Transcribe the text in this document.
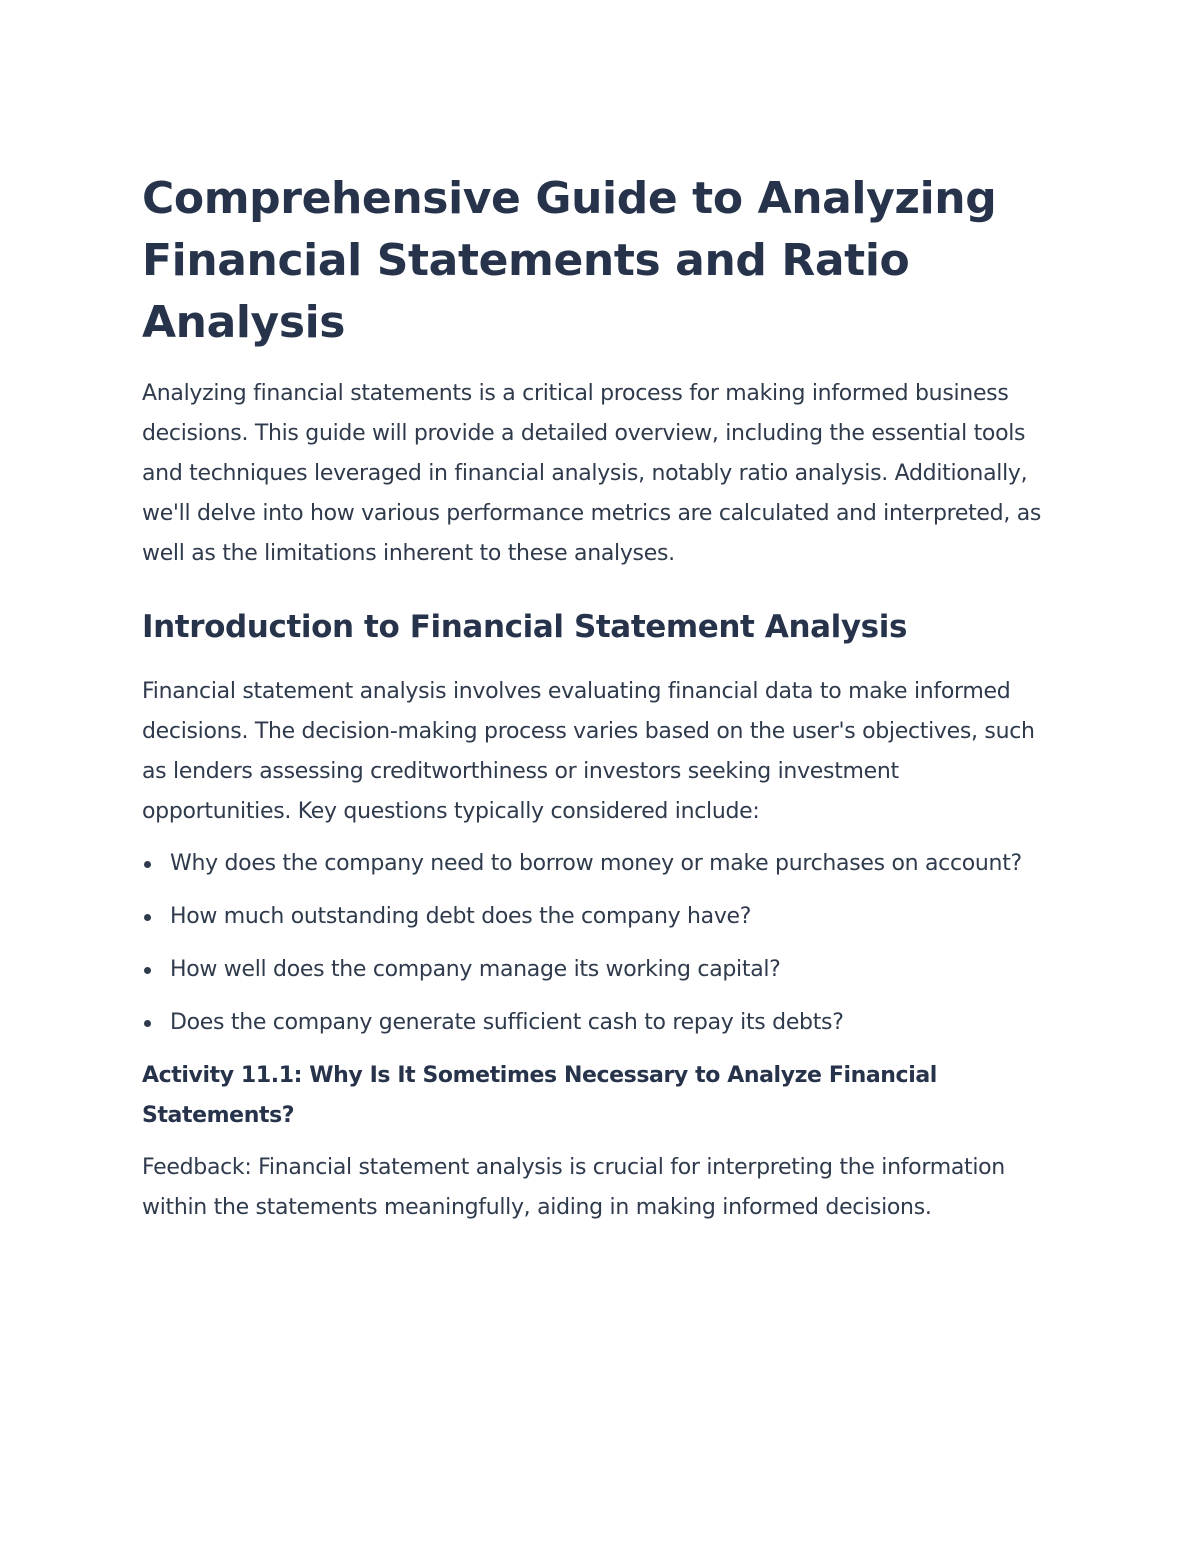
Comprehensive Guide to Analyzing Financial Statements and Ratio Analysis

Analyzing financial statements is a critical process for making informed business decisions. This guide will provide a detailed overview, including the essential tools and techniques leveraged in financial analysis, notably ratio analysis. Additionally, we'll delve into how various performance metrics are calculated and interpreted, as well as the limitations inherent to these analyses.

Introduction to Financial Statement Analysis

Financial statement analysis involves evaluating financial data to make informed decisions. The decision-making process varies based on the user's objectives, such as lenders assessing creditworthiness or investors seeking investment opportunities. Key questions typically considered include:

Why does the company need to borrow money or make purchases on account?
How much outstanding debt does the company have?
How well does the company manage its working capital?
Does the company generate sufficient cash to repay its debts?
Activity 11.1: Why Is It Sometimes Necessary to Analyze Financial Statements?

Feedback: Financial statement analysis is crucial for interpreting the information within the statements meaningfully, aiding in making informed decisions.
